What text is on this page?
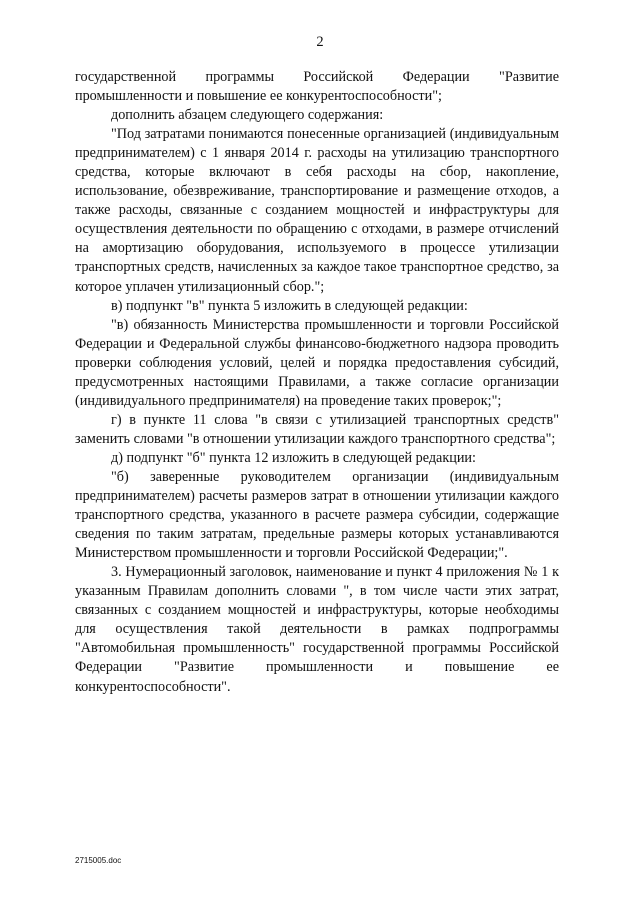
2

государственной программы Российской Федерации "Развитие промышленности и повышение ее конкурентоспособности";

дополнить абзацем следующего содержания:

"Под затратами понимаются понесенные организацией (индивидуальным предпринимателем) с 1 января 2014 г. расходы на утилизацию транспортного средства, которые включают в себя расходы на сбор, накопление, использование, обезвреживание, транспортирование и размещение отходов, а также расходы, связанные с созданием мощностей и инфраструктуры для осуществления деятельности по обращению с отходами, в размере отчислений на амортизацию оборудования, используемого в процессе утилизации транспортных средств, начисленных за каждое такое транспортное средство, за которое уплачен утилизационный сбор.";

в) подпункт "в" пункта 5 изложить в следующей редакции:

"в) обязанность Министерства промышленности и торговли Российской Федерации и Федеральной службы финансово-бюджетного надзора проводить проверки соблюдения условий, целей и порядка предоставления субсидий, предусмотренных настоящими Правилами, а также согласие организации (индивидуального предпринимателя) на проведение таких проверок;";

г) в пункте 11 слова "в связи с утилизацией транспортных средств" заменить словами "в отношении утилизации каждого транспортного средства";

д) подпункт "б" пункта 12 изложить в следующей редакции:

"б) заверенные руководителем организации (индивидуальным предпринимателем) расчеты размеров затрат в отношении утилизации каждого транспортного средства, указанного в расчете размера субсидии, содержащие сведения по таким затратам, предельные размеры которых устанавливаются Министерством промышленности и торговли Российской Федерации;".

3. Нумерационный заголовок, наименование и пункт 4 приложения № 1 к указанным Правилам дополнить словами ", в том числе части этих затрат, связанных с созданием мощностей и инфраструктуры, которые необходимы для осуществления такой деятельности в рамках подпрограммы "Автомобильная промышленность" государственной программы Российской Федерации "Развитие промышленности и повышение ее конкурентоспособности".

2715005.doc
